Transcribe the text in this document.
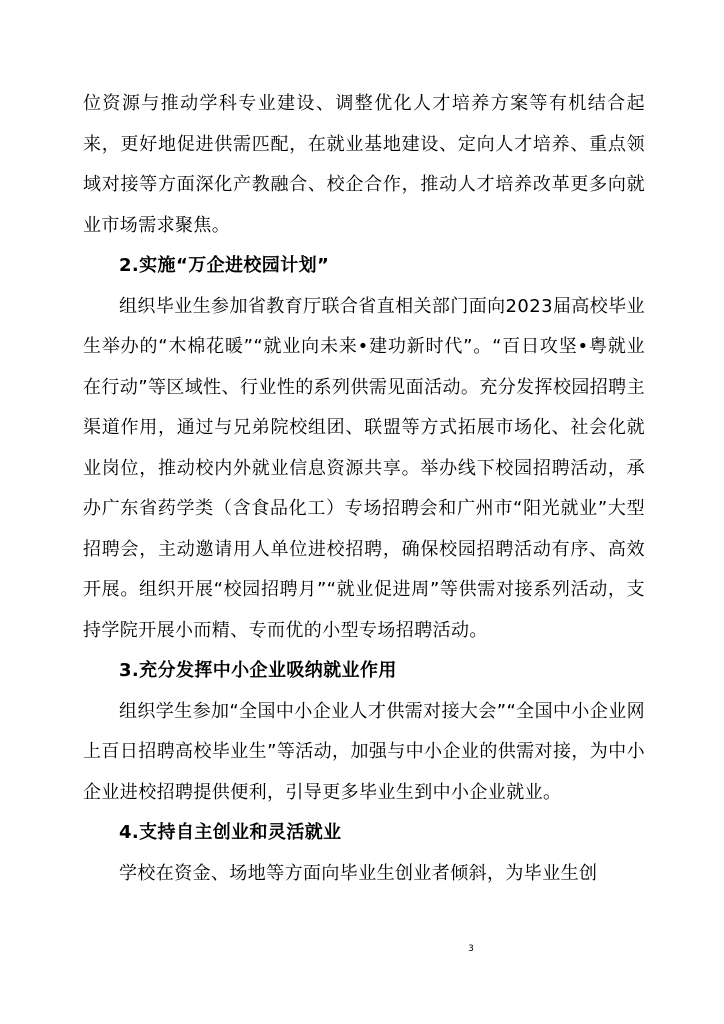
位资源与推动学科专业建设、调整优化人才培养方案等有机结合起来，更好地促进供需匹配，在就业基地建设、定向人才培养、重点领域对接等方面深化产教融合、校企合作，推动人才培养改革更多向就业市场需求聚焦。

2.实施“万企进校园计划”

组织毕业生参加省教育厅联合省直相关部门面向2023届高校毕业生举办的“木棉花暖”“就业向未来•建功新时代”。“百日攻坚•粤就业在行动”等区域性、行业性的系列供需见面活动。充分发挥校园招聘主渠道作用，通过与兄弟院校组团、联盟等方式拓展市场化、社会化就业岗位，推动校内外就业信息资源共享。举办线下校园招聘活动，承办广东省药学类（含食品化工）专场招聘会和广州市“阳光就业”大型招聘会，主动邀请用人单位进校招聘，确保校园招聘活动有序、高效开展。组织开展“校园招聘月”“就业促进周”等供需对接系列活动，支持学院开展小而精、专而优的小型专场招聘活动。

3.充分发挥中小企业吸纳就业作用

组织学生参加“全国中小企业人才供需对接大会”“全国中小企业网上百日招聘高校毕业生”等活动，加强与中小企业的供需对接，为中小企业进校招聘提供便利，引导更多毕业生到中小企业就业。

4.支持自主创业和灵活就业

学校在资金、场地等方面向毕业生创业者倾斜，为毕业生创

3
